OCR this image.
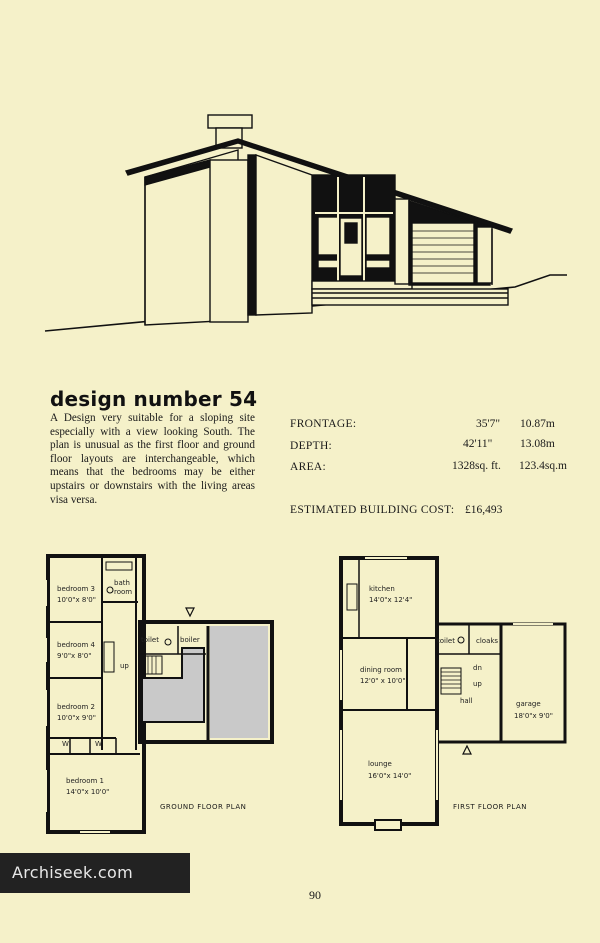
design number 54
A Design very suitable for a sloping site especially with a view looking South. The plan is unusual as the first floor and ground floor layouts are interchangeable, which means that the bedrooms may be either upstairs or downstairs with the living areas visa versa.
FRONTAGE:	35'7" 10.87m
DEPTH:	42'11" 13.08m
AREA:	1328sq. ft. 123.4sq.m
ESTIMATED BUILDING COST: £16,493
bedroom 3
10'0"x 8'0"
bath
room
bedroom 4
9'0"x 8'0"
bedroom 2
10'0"x 9'0"
bedroom 1
14'0"x 10'0"
toilet	boiler
up
W	W
GROUND FLOOR PLAN
kitchen
14'0"x 12'4"
dining room
12'0" x 10'0"
lounge
16'0"x 14'0"
garage
18'0"x 9'0"
toilet	cloaks
dn
up
hall
FIRST FLOOR PLAN
Archiseek.com
90
